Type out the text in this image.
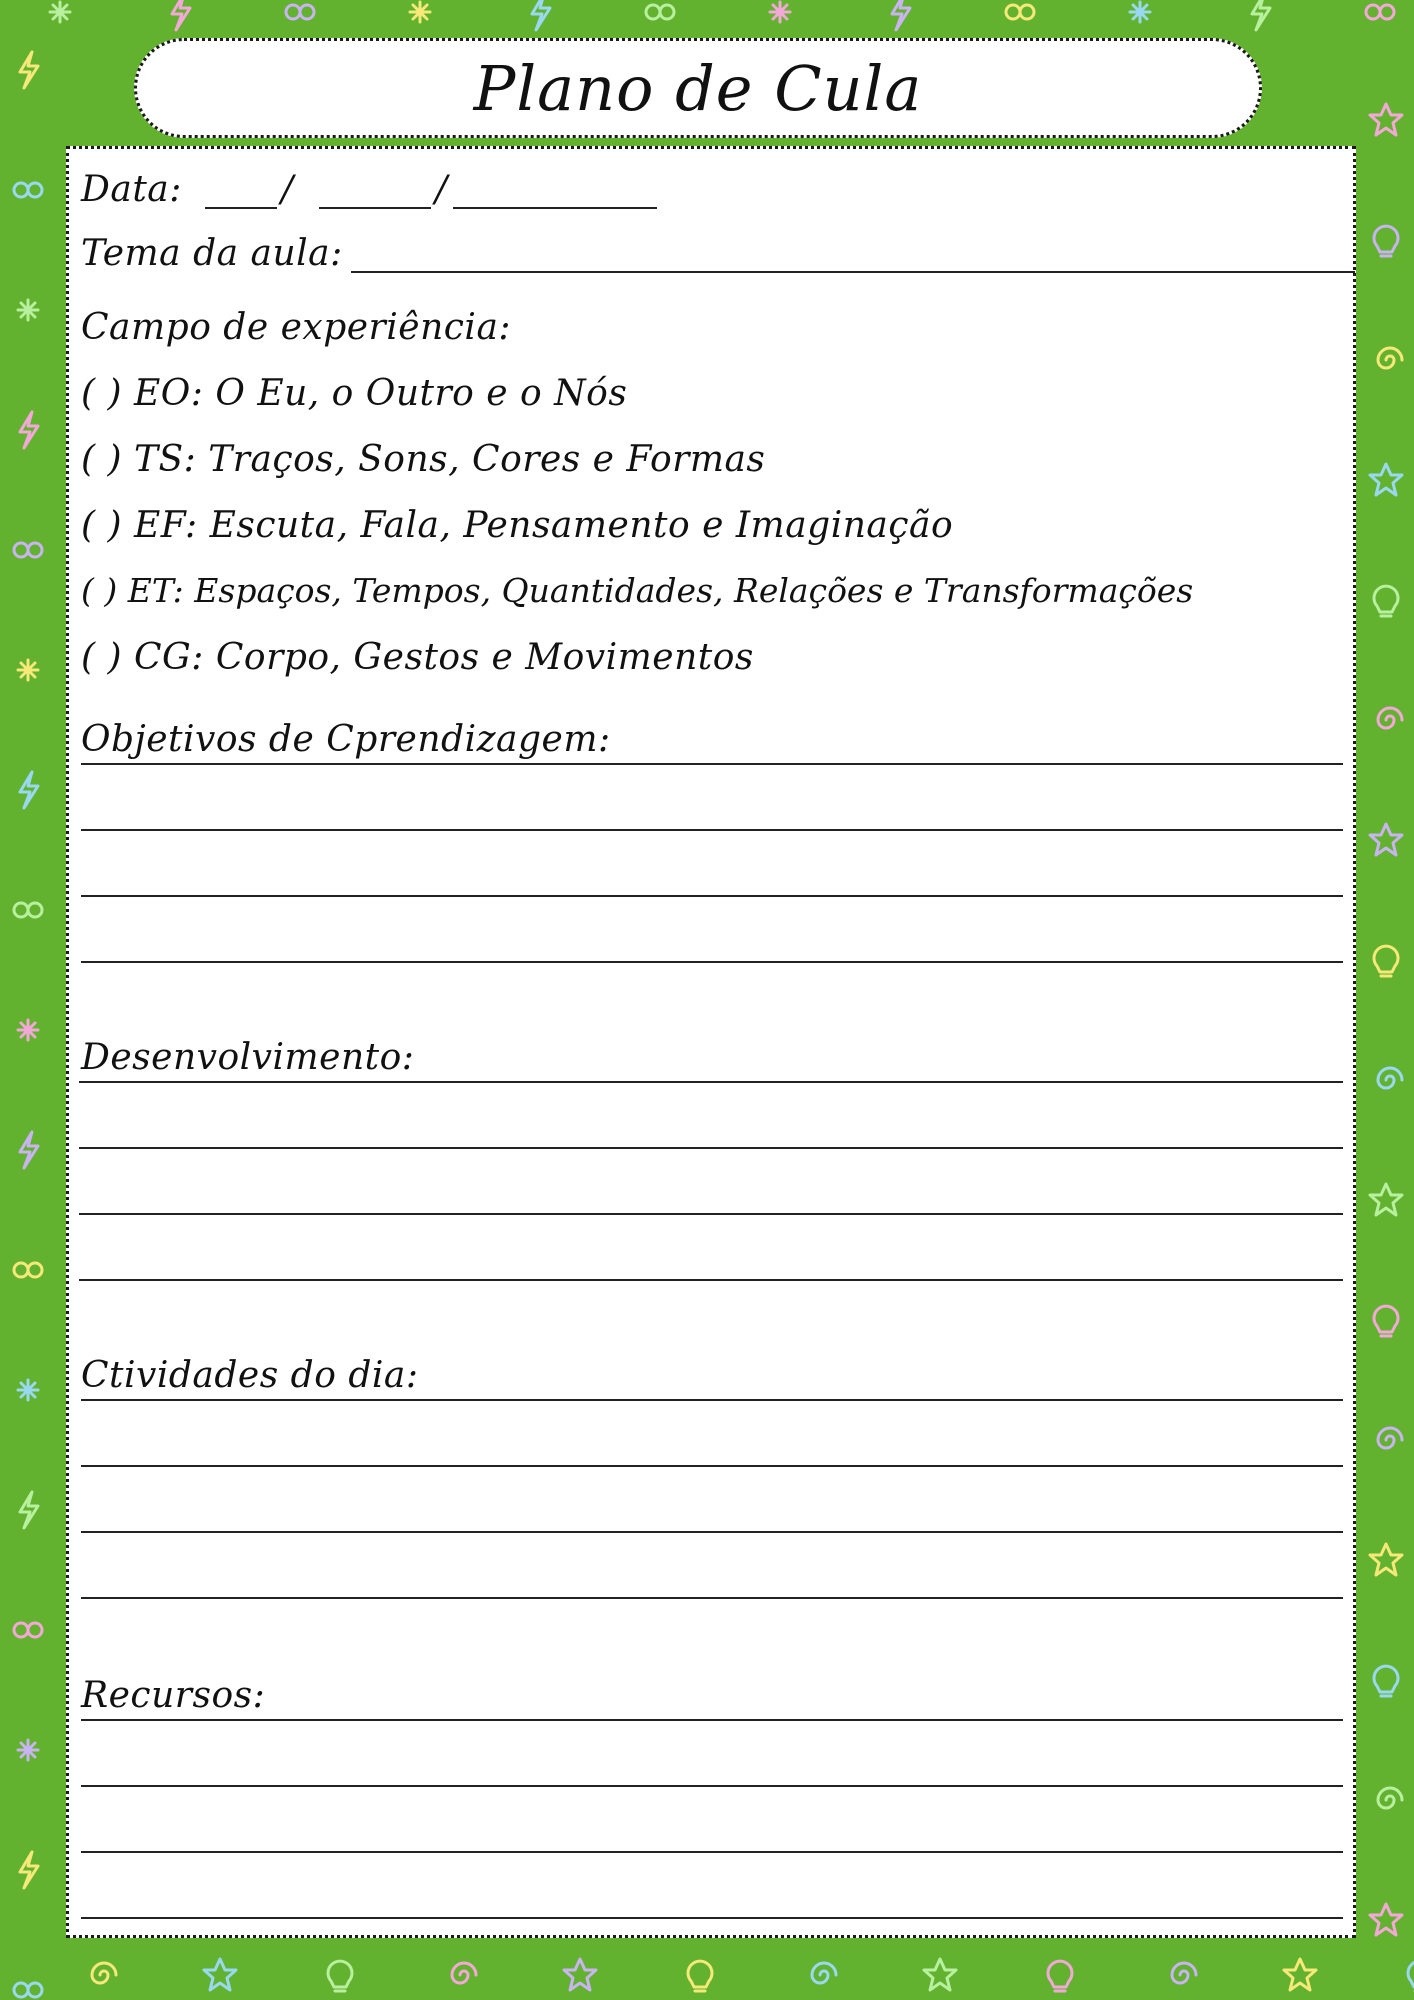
Plano de Cula
Data:	/	/
Tema da aula:
Campo de experiência:
( ) EO: O Eu, o Outro e o Nós
( ) TS: Traços, Sons, Cores e Formas
( ) EF: Escuta, Fala, Pensamento e Imaginação
( ) ET: Espaços, Tempos, Quantidades, Relações e Transformações
( ) CG: Corpo, Gestos e Movimentos
Objetivos de Cprendizagem:
Desenvolvimento:
Ctividades do dia:
Recursos:
